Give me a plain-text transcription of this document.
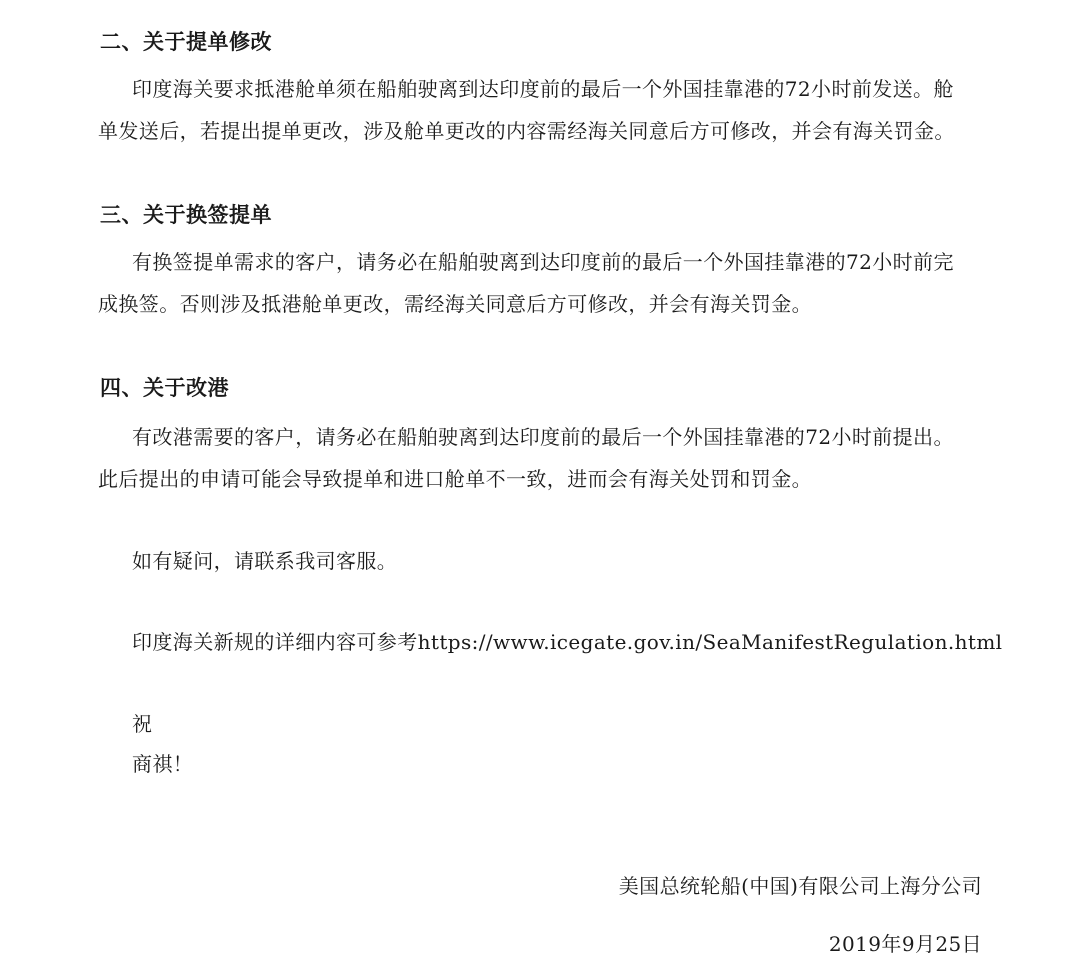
二、关于提单修改
印度海关要求抵港舱单须在船舶驶离到达印度前的最后一个外国挂靠港的72小时前发送。舱
单发送后，若提出提单更改，涉及舱单更改的内容需经海关同意后方可修改，并会有海关罚金。
三、关于换签提单
有换签提单需求的客户，请务必在船舶驶离到达印度前的最后一个外国挂靠港的72小时前完
成换签。否则涉及抵港舱单更改，需经海关同意后方可修改，并会有海关罚金。
四、关于改港
有改港需要的客户，请务必在船舶驶离到达印度前的最后一个外国挂靠港的72小时前提出。
此后提出的申请可能会导致提单和进口舱单不一致，进而会有海关处罚和罚金。
如有疑问，请联系我司客服。
印度海关新规的详细内容可参考https://www.icegate.gov.in/SeaManifestRegulation.html
祝
商祺！
美国总统轮船(中国)有限公司上海分公司
2019年9月25日
